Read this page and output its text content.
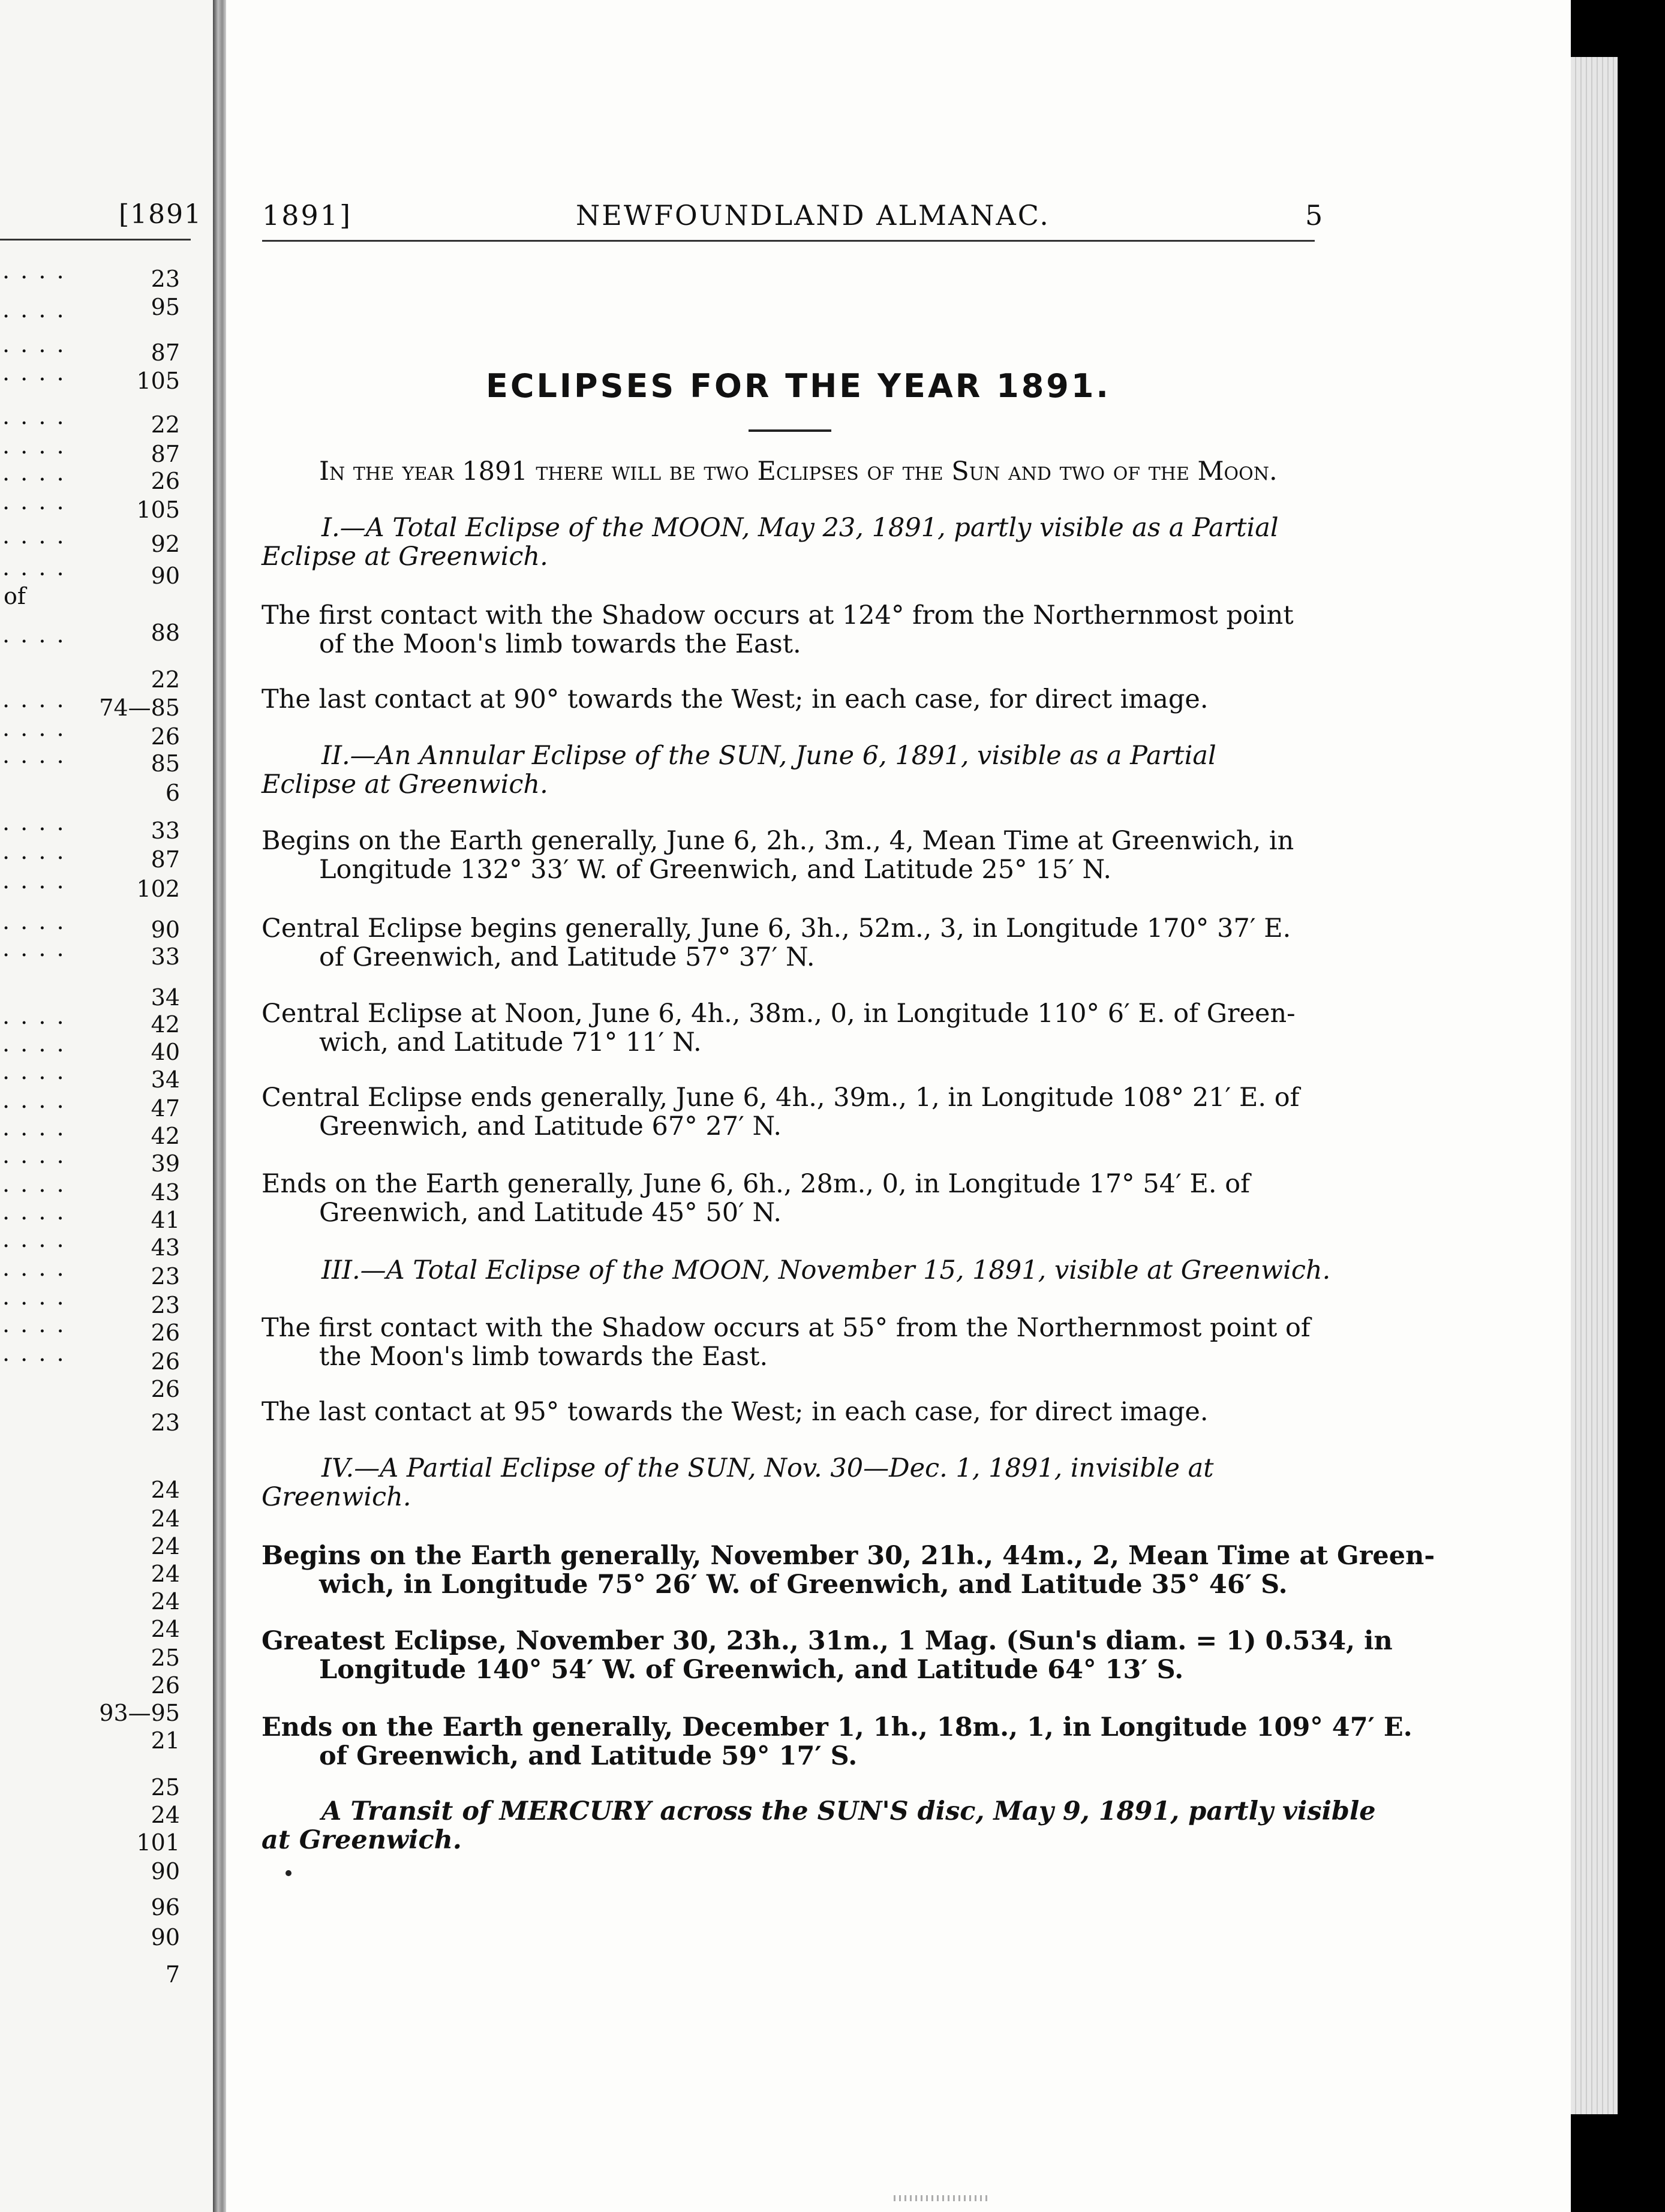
[1891
23
95
87
105
22
87
26
105
92
90
88
22
74—85
26
85
6
33
87
102
90
33
34
42
40
34
47
42
39
43
41
43
23
23
26
26
26
23
24
24
24
24
24
24
25
26
93—95
21
25
24
101
90
96
90
7
. . . .
. . . .
. . . .
. . . .
. . . .
. . . .
. . . .
. . . .
. . . .
. . . .
. . . .
. . . .
. . . .
. . . .
. . . .
. . . .
. . . .
. . . .
. . . .
. . . .
. . . .
. . . .
. . . .
. . . .
. . . .
. . . .
. . . .
. . . .
. . . .
. . . .
. . . .
. . . .
of
1891]	NEWFOUNDLAND ALMANAC.	5
ECLIPSES FOR THE YEAR 1891.

In the year 1891 there will be two Eclipses of the Sun and two of the Moon.

I.—A Total Eclipse of the MOON, May 23, 1891, partly visible as a Partial
Eclipse at Greenwich.

The first contact with the Shadow occurs at 124° from the Northernmost point
of the Moon's limb towards the East.

The last contact at 90° towards the West; in each case, for direct image.

II.—An Annular Eclipse of the SUN, June 6, 1891, visible as a Partial
Eclipse at Greenwich.

Begins on the Earth generally, June 6, 2h., 3m., 4, Mean Time at Greenwich, in
Longitude 132° 33′ W. of Greenwich, and Latitude 25° 15′ N.

Central Eclipse begins generally, June 6, 3h., 52m., 3, in Longitude 170° 37′ E.
of Greenwich, and Latitude 57° 37′ N.

Central Eclipse at Noon, June 6, 4h., 38m., 0, in Longitude 110° 6′ E. of Green-
wich, and Latitude 71° 11′ N.

Central Eclipse ends generally, June 6, 4h., 39m., 1, in Longitude 108° 21′ E. of
Greenwich, and Latitude 67° 27′ N.

Ends on the Earth generally, June 6, 6h., 28m., 0, in Longitude 17° 54′ E. of
Greenwich, and Latitude 45° 50′ N.

III.—A Total Eclipse of the MOON, November 15, 1891, visible at Greenwich.

The first contact with the Shadow occurs at 55° from the Northernmost point of
the Moon's limb towards the East.

The last contact at 95° towards the West; in each case, for direct image.

IV.—A Partial Eclipse of the SUN, Nov. 30—Dec. 1, 1891, invisible at
Greenwich.

Begins on the Earth generally, November 30, 21h., 44m., 2, Mean Time at Green-
wich, in Longitude 75° 26′ W. of Greenwich, and Latitude 35° 46′ S.

Greatest Eclipse, November 30, 23h., 31m., 1 Mag. (Sun's diam. = 1) 0.534, in
Longitude 140° 54′ W. of Greenwich, and Latitude 64° 13′ S.

Ends on the Earth generally, December 1, 1h., 18m., 1, in Longitude 109° 47′ E.
of Greenwich, and Latitude 59° 17′ S.

A Transit of MERCURY across the SUN'S disc, May 9, 1891, partly visible
at Greenwich.
